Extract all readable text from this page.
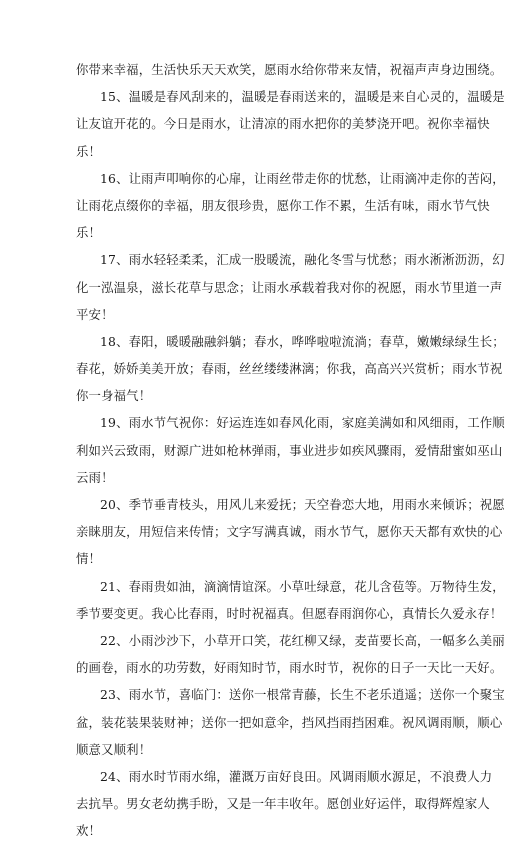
你带来幸福，生活快乐天天欢笑，愿雨水给你带来友情，祝福声声身边围绕。
15、温暖是春风刮来的，温暖是春雨送来的，温暖是来自心灵的，温暖是
让友谊开花的。今日是雨水，让清凉的雨水把你的美梦浇开吧。祝你幸福快
乐！
16、让雨声叩响你的心扉，让雨丝带走你的忧愁，让雨滴冲走你的苦闷，
让雨花点缀你的幸福，朋友很珍贵，愿你工作不累，生活有味，雨水节气快
乐！
17、雨水轻轻柔柔，汇成一股暖流，融化冬雪与忧愁；雨水淅淅沥沥，幻
化一泓温泉，滋长花草与思念；让雨水承载着我对你的祝愿，雨水节里道一声
平安！
18、春阳，暖暖融融斜躺；春水，哗哗啦啦流淌；春草，嫩嫩绿绿生长；
春花，娇娇美美开放；春雨，丝丝缕缕淋漓；你我，高高兴兴赏析；雨水节祝
你一身福气！
19、雨水节气祝你：好运连连如春风化雨，家庭美满如和风细雨，工作顺
利如兴云致雨，财源广进如枪林弹雨，事业进步如疾风骤雨，爱情甜蜜如巫山
云雨！
20、季节垂青枝头，用风儿来爱抚；天空眷恋大地，用雨水来倾诉；祝愿
亲睐朋友，用短信来传情；文字写满真诚，雨水节气，愿你天天都有欢快的心
情！
21、春雨贵如油，滴滴情谊深。小草吐绿意，花儿含苞等。万物待生发，
季节要变更。我心比春雨，时时祝福真。但愿春雨润你心，真情长久爱永存！
22、小雨沙沙下，小草开口笑，花红柳又绿，麦苗要长高，一幅多么美丽
的画卷，雨水的功劳数，好雨知时节，雨水时节，祝你的日子一天比一天好。
23、雨水节，喜临门：送你一根常青藤，长生不老乐逍遥；送你一个聚宝
盆，装花装果装财神；送你一把如意伞，挡风挡雨挡困难。祝风调雨顺，顺心
顺意又顺利！
24、雨水时节雨水绵，灌溉万亩好良田。风调雨顺水源足，不浪费人力
去抗旱。男女老幼携手盼，又是一年丰收年。愿创业好运伴，取得辉煌家人
欢！
